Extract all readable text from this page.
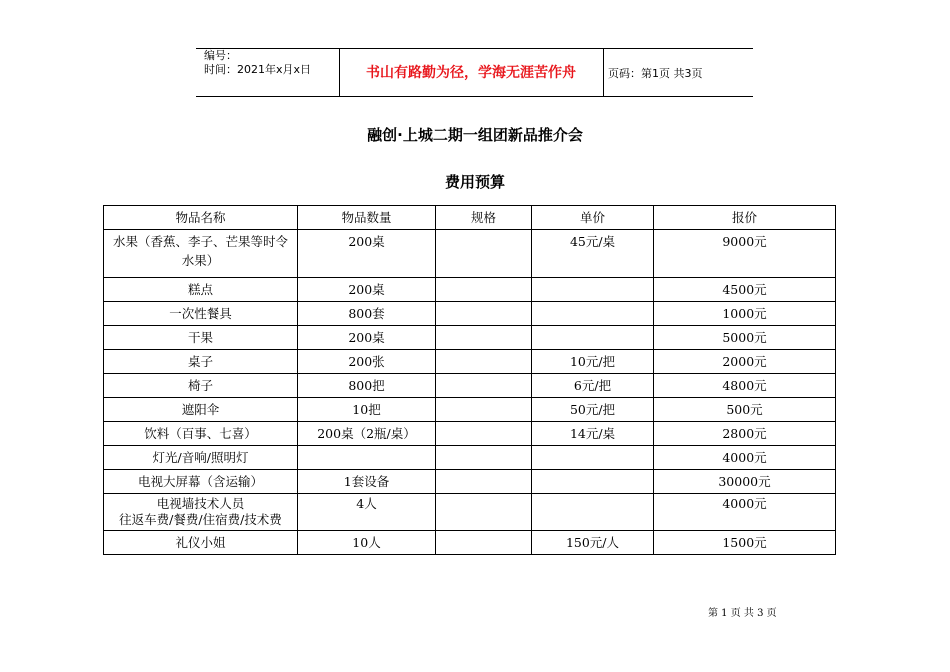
编号：
时间：2021年x月x日	书山有路勤为径，学海无涯苦作舟	页码：第1页 共3页
融创·上城二期一组团新品推介会
费用预算
物品名称	物品数量	规格	单价	报价
水果（香蕉、李子、芒果等时令水果）	200桌		45元/桌	9000元
糕点	200桌			4500元
一次性餐具	800套			1000元
干果	200桌			5000元
桌子	200张		10元/把	2000元
椅子	800把		6元/把	4800元
遮阳伞	10把		50元/把	500元
饮料（百事、七喜）	200桌（2瓶/桌）		14元/桌	2800元
灯光/音响/照明灯				4000元
电视大屏幕（含运输）	1套设备			30000元
电视墙技术人员
往返车费/餐费/住宿费/技术费	4人			4000元
礼仪小姐	10人		150元/人	1500元
第 1 页 共 3 页
